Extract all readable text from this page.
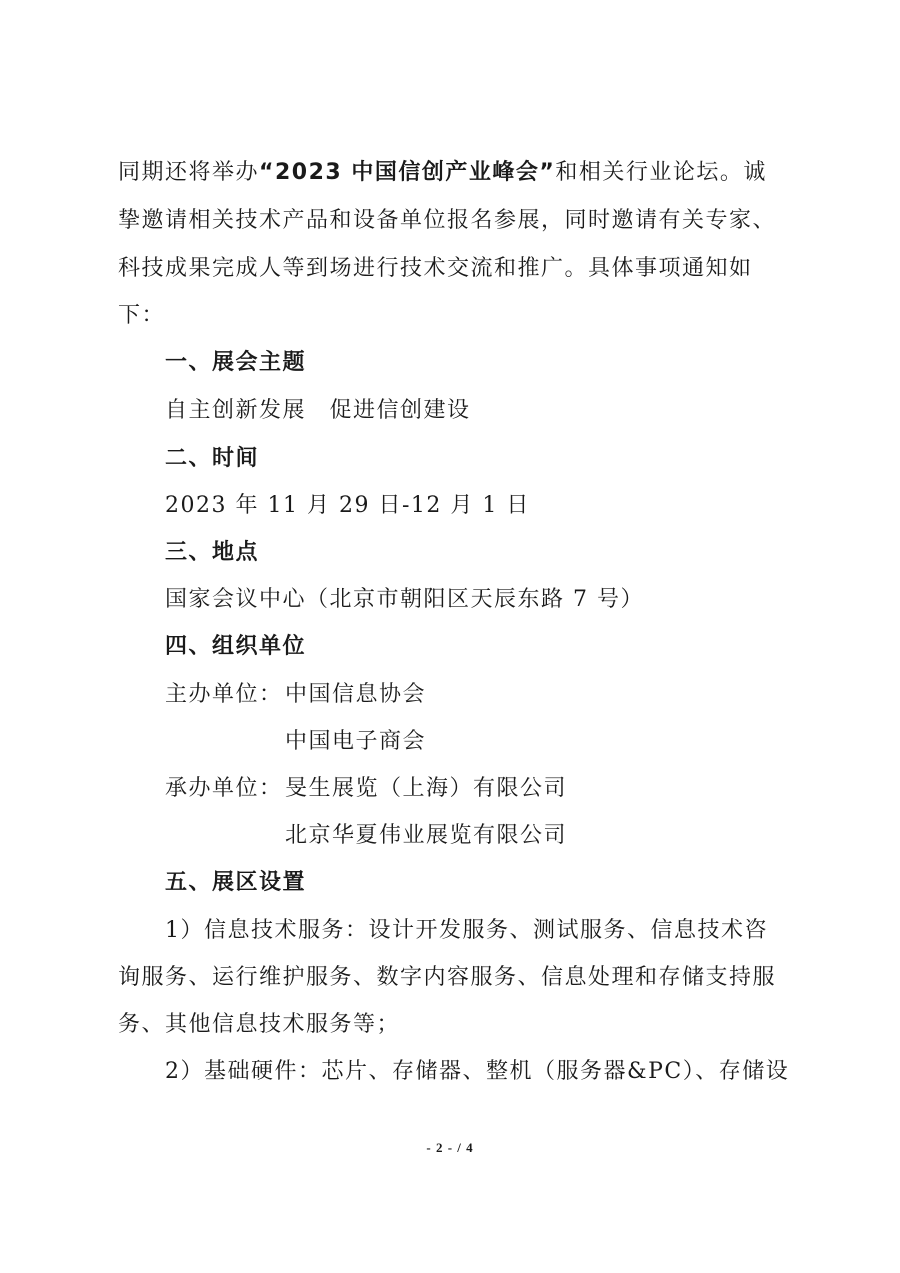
同期还将举办“2023 中国信创产业峰会”和相关行业论坛。诚
挚邀请相关技术产品和设备单位报名参展，同时邀请有关专家、
科技成果完成人等到场进行技术交流和推广。具体事项通知如
下：
一、展会主题
自主创新发展　促进信创建设
二、时间
2023 年 11 月 29 日-12 月 1 日
三、地点
国家会议中心（北京市朝阳区天辰东路 7 号）
四、组织单位
主办单位： 中国信息协会
中国电子商会
承办单位： 旻生展览（上海）有限公司
北京华夏伟业展览有限公司
五、展区设置
1）信息技术服务：设计开发服务、测试服务、信息技术咨
询服务、运行维护服务、数字内容服务、信息处理和存储支持服
务、其他信息技术服务等；
2）基础硬件：芯片、存储器、整机（服务器&PC）、存储设
- 2 - / 4
